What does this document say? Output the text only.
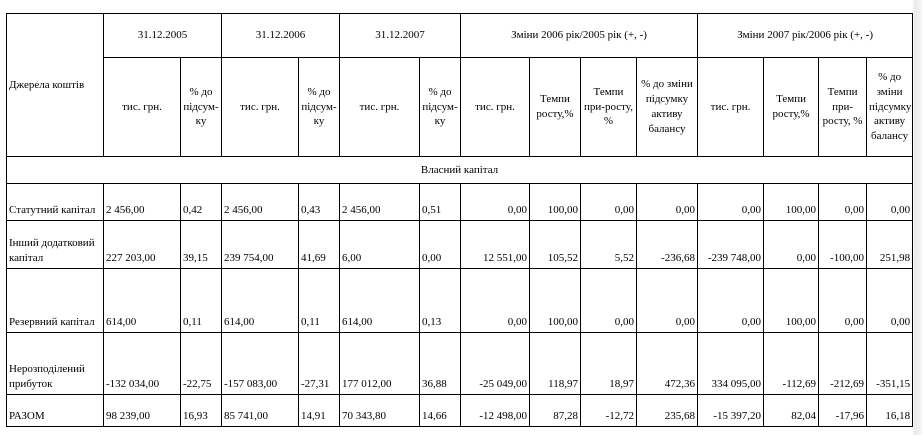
Джерела коштів	31.12.2005		31.12.2006		31.12.2007		Зміни 2006 рік/2005 рік (+, -)				Зміни 2007 рік/2006 рік (+, -)			
	тис. грн.	% до підсум-ку	тис. грн.	% до підсум-ку	тис. грн.	% до підсум-ку	тис. грн.	Темпи росту,%	Темпи при-росту, %	% до зміни підсумку активу балансу	тис. грн.	Темпи росту,%	Темпи при-росту, %	% до зміни підсумку активу балансу
Власний капітал														
Статутний капітал	2 456,00	0,42	2 456,00	0,43	2 456,00	0,51	0,00	100,00	0,00	0,00	0,00	100,00	0,00	0,00
Інший додатковий капітал	227 203,00	39,15	239 754,00	41,69	6,00	0,00	12 551,00	105,52	5,52	-236,68	-239 748,00	0,00	-100,00	251,98
Резервний капітал	614,00	0,11	614,00	0,11	614,00	0,13	0,00	100,00	0,00	0,00	0,00	100,00	0,00	0,00
Нерозподілений прибуток	-132 034,00	-22,75	-157 083,00	-27,31	177 012,00	36,88	-25 049,00	118,97	18,97	472,36	334 095,00	-112,69	-212,69	-351,15
РАЗОМ	98 239,00	16,93	85 741,00	14,91	70 343,80	14,66	-12 498,00	87,28	-12,72	235,68	-15 397,20	82,04	-17,96	16,18
